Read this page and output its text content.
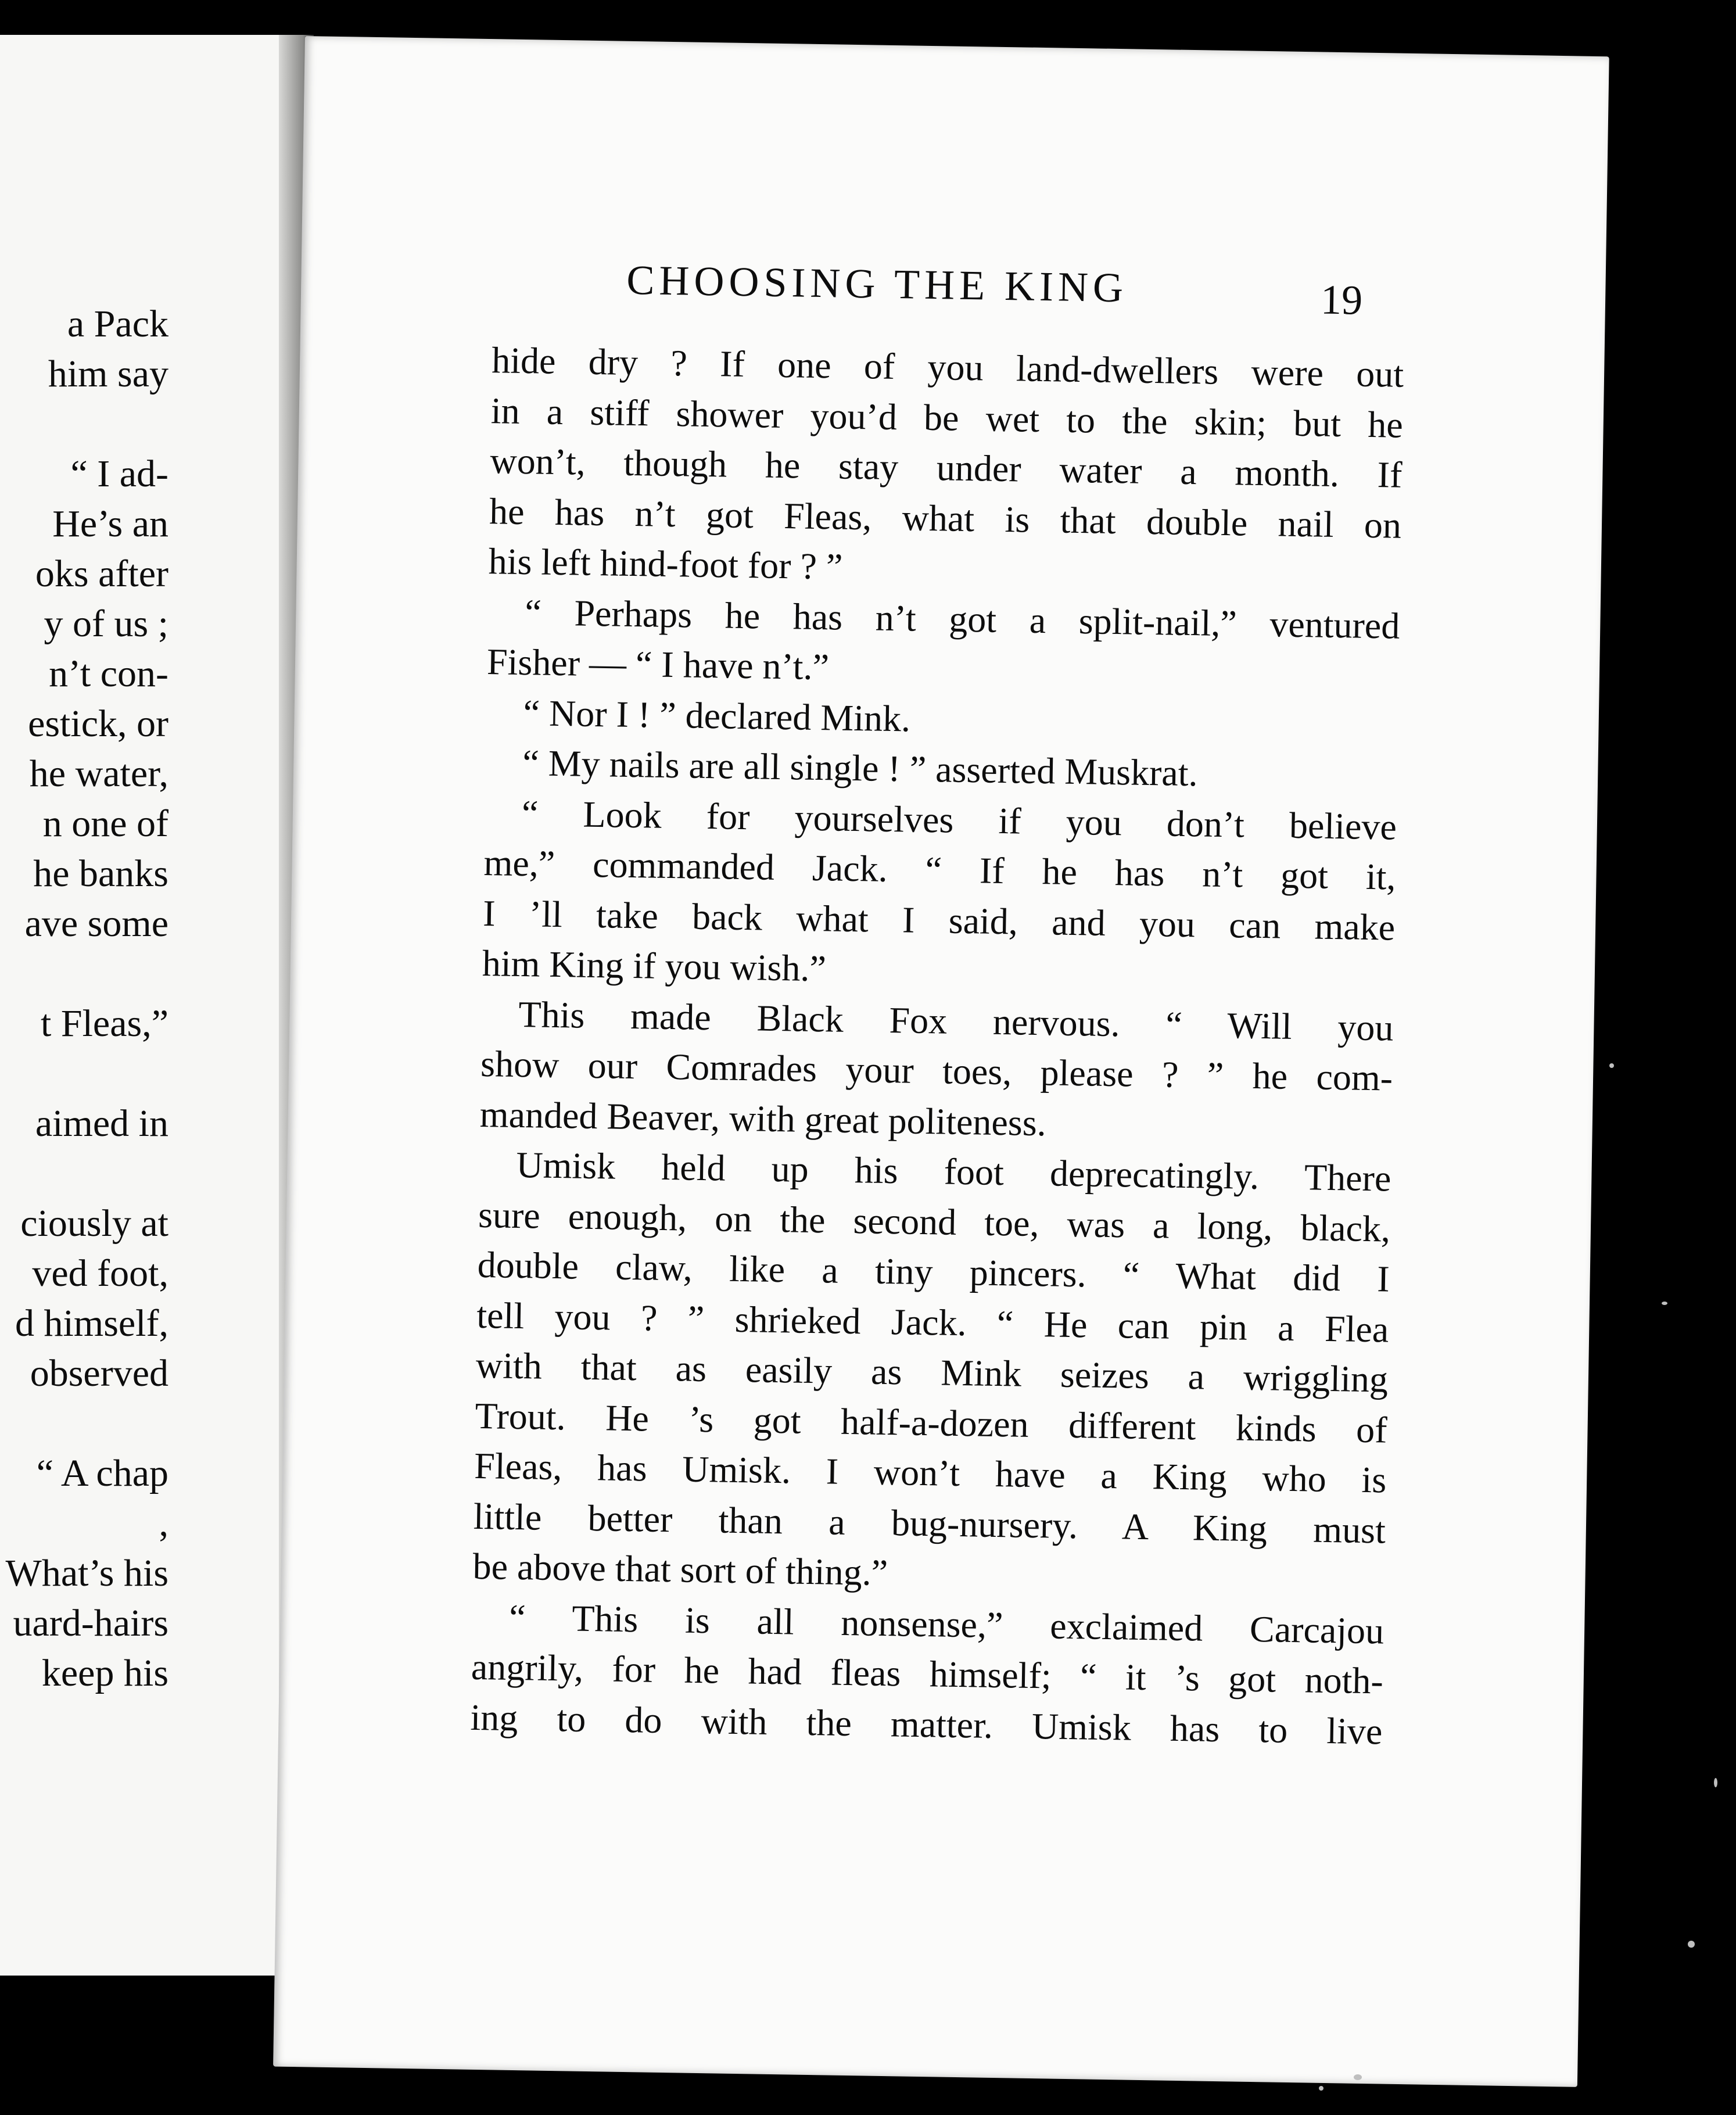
a Pack
him say
“ I ad-
He’s an
oks after
y of us ;
n’t con-
estick, or
he water,
n one of
he banks
ave some
t Fleas,”
aimed in
ciously at
ved foot,
d himself,
observed
“ A chap
,
What’s his
uard-hairs
keep his
CHOOSING THE KING	19
hide dry ? If one of you land-dwellers were out
in a stiff shower you’d be wet to the skin; but he
won’t, though he stay under water a month. If
he has n’t got Fleas, what is that double nail on
his left hind-foot for ? ”
“ Perhaps he has n’t got a split-nail,” ventured
Fisher — “ I have n’t.”
“ Nor I ! ” declared Mink.
“ My nails are all single ! ” asserted Muskrat.
“ Look for yourselves if you don’t believe
me,” commanded Jack. “ If he has n’t got it,
I ’ll take back what I said, and you can make
him King if you wish.”
This made Black Fox nervous. “ Will you
show our Comrades your toes, please ? ” he com-
manded Beaver, with great politeness.
Umisk held up his foot deprecatingly. There
sure enough, on the second toe, was a long, black,
double claw, like a tiny pincers. “ What did I
tell you ? ” shrieked Jack. “ He can pin a Flea
with that as easily as Mink seizes a wriggling
Trout. He ’s got half-a-dozen different kinds of
Fleas, has Umisk. I won’t have a King who is
little better than a bug-nursery. A King must
be above that sort of thing.”
“ This is all nonsense,” exclaimed Carcajou
angrily, for he had fleas himself; “ it ’s got noth-
ing to do with the matter. Umisk has to live
